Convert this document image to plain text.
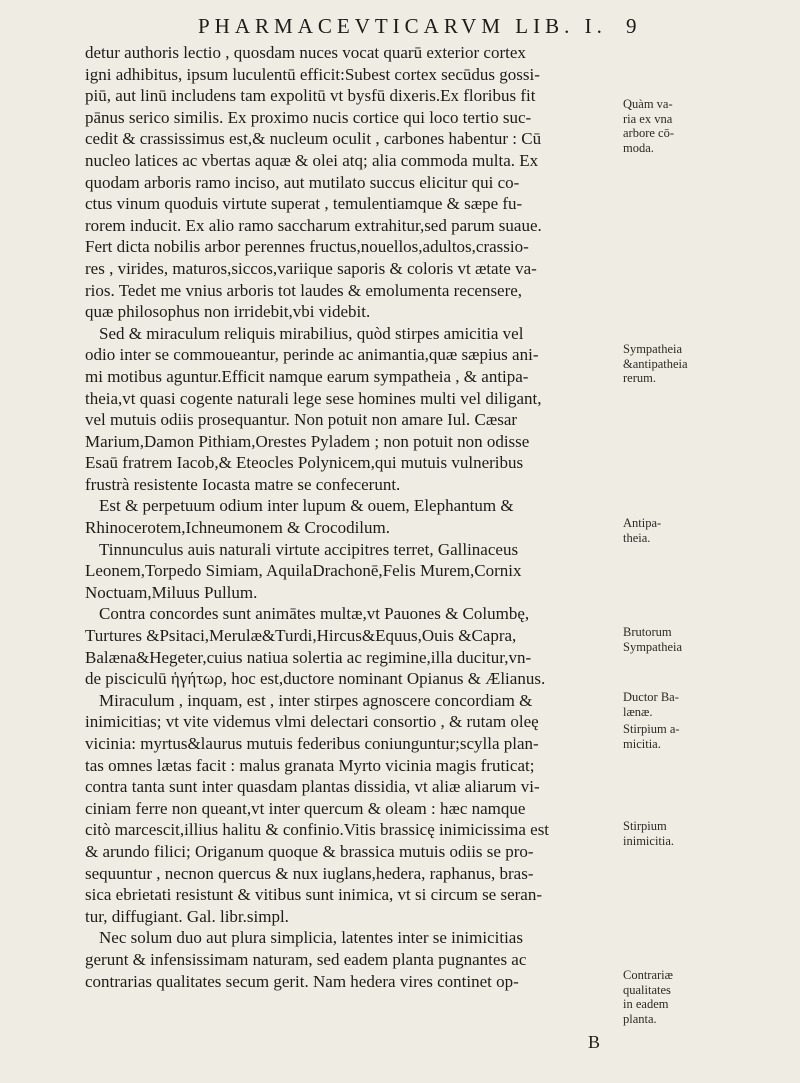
PHARMACEVTICARVM LIB. I. 9
detur authoris lectio , quosdam nuces vocat quarū exterior cortex
igni adhibitus, ipsum luculentū efficit:Subest cortex secūdus gossi-
piū, aut linū includens tam expolitū vt bysfū dixeris.Ex floribus fit
pānus serico similis. Ex proximo nucis cortice qui loco tertio suc-
cedit & crassissimus est,& nucleum oculit , carbones habentur : Cū
nucleo latices ac vbertas aquæ & olei atq; alia commoda multa. Ex
quodam arboris ramo inciso, aut mutilato succus elicitur qui co-
ctus vinum quoduis virtute superat , temulentiamque & sæpe fu-
rorem inducit. Ex alio ramo saccharum extrahitur,sed parum suaue.
Fert dicta nobilis arbor perennes fructus,nouellos,adultos,crassio-
res , virides, maturos,siccos,variique saporis & coloris vt ætate va-
rios. Tedet me vnius arboris tot laudes & emolumenta recensere,
quæ philosophus non irridebit,vbi videbit.
Sed & miraculum reliquis mirabilius, quòd stirpes amicitia vel
odio inter se commoueantur, perinde ac animantia,quæ sæpius ani-
mi motibus aguntur.Efficit namque earum sympatheia , & antipa-
theia,vt quasi cogente naturali lege sese homines multi vel diligant,
vel mutuis odiis prosequantur. Non potuit non amare Iul. Cæsar
Marium,Damon Pithiam,Orestes Pyladem ; non potuit non odisse
Esaū fratrem Iacob,& Eteocles Polynicem,qui mutuis vulneribus
frustrà resistente Iocasta matre se confecerunt.
Est & perpetuum odium inter lupum & ouem, Elephantum &
Rhinocerotem,Ichneumonem & Crocodilum.
Tinnunculus auis naturali virtute accipitres terret, Gallinaceus
Leonem,Torpedo Simiam, AquilaDrachonē,Felis Murem,Cornix
Noctuam,Miluus Pullum.
Contra concordes sunt animātes multæ,vt Pauones & Columbę,
Turtures &Psitaci,Merulæ&Turdi,Hircus&Equus,Ouis &Capra,
Balæna&Hegeter,cuius natiua solertia ac regimine,illa ducitur,vn-
de pisciculū ἡγήτωρ, hoc est,ductore nominant Opianus & Ælianus.
Miraculum , inquam, est , inter stirpes agnoscere concordiam &
inimicitias; vt vite videmus vlmi delectari consortio , & rutam oleę
vicinia: myrtus&laurus mutuis federibus coniunguntur;scylla plan-
tas omnes lætas facit : malus granata Myrto vicinia magis fruticat;
contra tanta sunt inter quasdam plantas dissidia, vt aliæ aliarum vi-
ciniam ferre non queant,vt inter quercum & oleam : hæc namque
citò marcescit,illius halitu & confinio.Vitis brassicę inimicissima est
& arundo filici; Origanum quoque & brassica mutuis odiis se pro-
sequuntur , necnon quercus & nux iuglans,hedera, raphanus, bras-
sica ebrietati resistunt & vitibus sunt inimica, vt si circum se seran-
tur, diffugiant. Gal. libr.simpl.
Nec solum duo aut plura simplicia, latentes inter se inimicitias
gerunt & infensissimam naturam, sed eadem planta pugnantes ac
contrarias qualitates secum gerit. Nam hedera vires continet op-
Quàm va-
ria ex vna
arbore cō-
moda.
Sympatheia
&antipatheia
rerum.
Antipa-
theia.
Brutorum
Sympatheia
Ductor Ba-
lænæ.
Stirpium a-
micitia.
Stirpium
inimicitia.
Contrariæ
qualitates
in eadem
planta.
B
